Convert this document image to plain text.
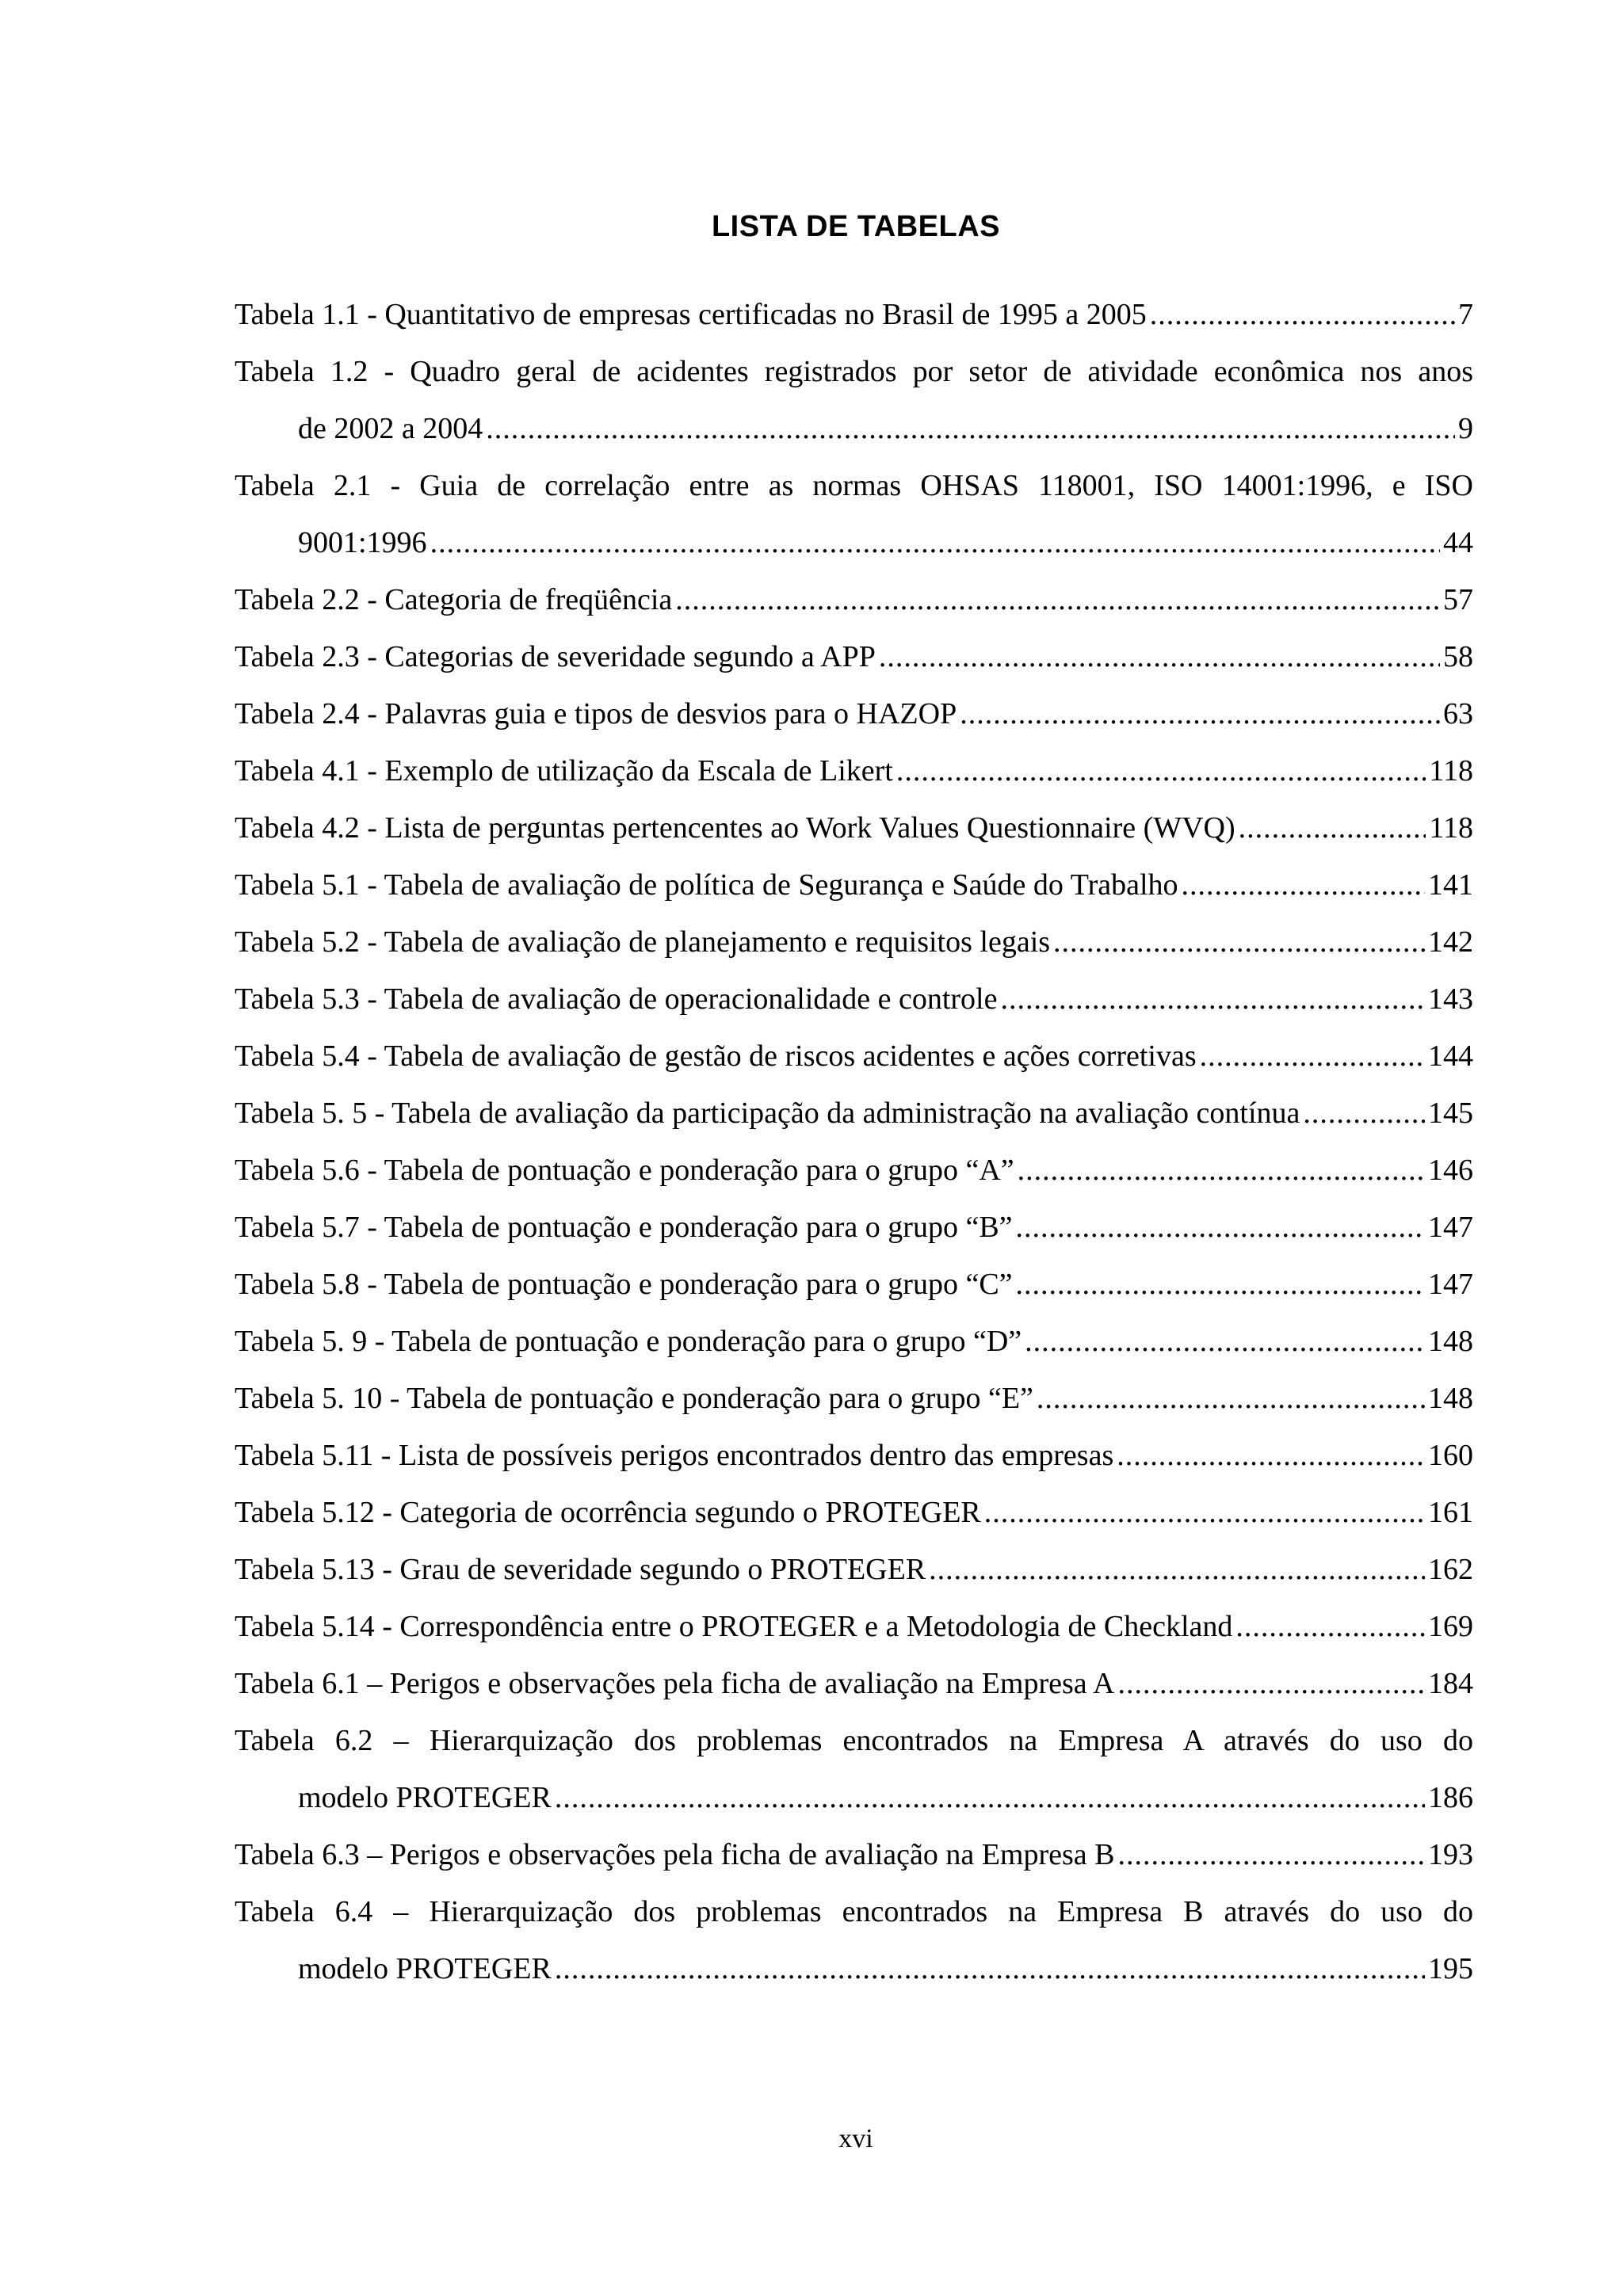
LISTA DE TABELAS
Tabela 1.1 - Quantitativo de empresas certificadas no Brasil de 1995 a 2005 .....	7
Tabela 1.2 - Quadro geral de acidentes registrados por setor de atividade econômica nos anos
de 2002 a 2004 .....	9
Tabela 2.1 - Guia de correlação entre as normas OHSAS 118001, ISO 14001:1996, e ISO
9001:1996 .....	44
Tabela 2.2 - Categoria de freqüência .....	57
Tabela 2.3 - Categorias de severidade segundo a APP .....	58
Tabela 2.4 - Palavras guia e tipos de desvios para o HAZOP .....	63
Tabela 4.1 - Exemplo de utilização da Escala de Likert .....	118
Tabela 4.2 - Lista de perguntas pertencentes ao Work Values Questionnaire (WVQ) .....	118
Tabela 5.1 - Tabela de avaliação de política de Segurança e Saúde do Trabalho .....	141
Tabela 5.2 - Tabela de avaliação de planejamento e requisitos legais .....	142
Tabela 5.3 - Tabela de avaliação de operacionalidade e controle .....	143
Tabela 5.4 - Tabela de avaliação de gestão de riscos acidentes e ações corretivas .....	144
Tabela 5. 5 - Tabela de avaliação da participação da administração na avaliação contínua .....	145
Tabela 5.6 - Tabela de pontuação e ponderação para o grupo “A” .....	146
Tabela 5.7 - Tabela de pontuação e ponderação para o grupo “B” .....	147
Tabela 5.8 - Tabela de pontuação e ponderação para o grupo “C” .....	147
Tabela 5. 9 - Tabela de pontuação e ponderação para o grupo “D” .....	148
Tabela 5. 10 - Tabela de pontuação e ponderação para o grupo “E” .....	148
Tabela 5.11 - Lista de possíveis perigos encontrados dentro das empresas .....	160
Tabela 5.12 - Categoria de ocorrência segundo o PROTEGER .....	161
Tabela 5.13 - Grau de severidade segundo o PROTEGER .....	162
Tabela 5.14 - Correspondência entre o PROTEGER e a Metodologia de Checkland .....	169
Tabela 6.1 – Perigos e observações pela ficha de avaliação na Empresa A .....	184
Tabela 6.2 – Hierarquização dos problemas encontrados na Empresa A através do uso do
modelo PROTEGER .....	186
Tabela 6.3 – Perigos e observações pela ficha de avaliação na Empresa B .....	193
Tabela 6.4 – Hierarquização dos problemas encontrados na Empresa B através do uso do
modelo PROTEGER .....	195
xvi
